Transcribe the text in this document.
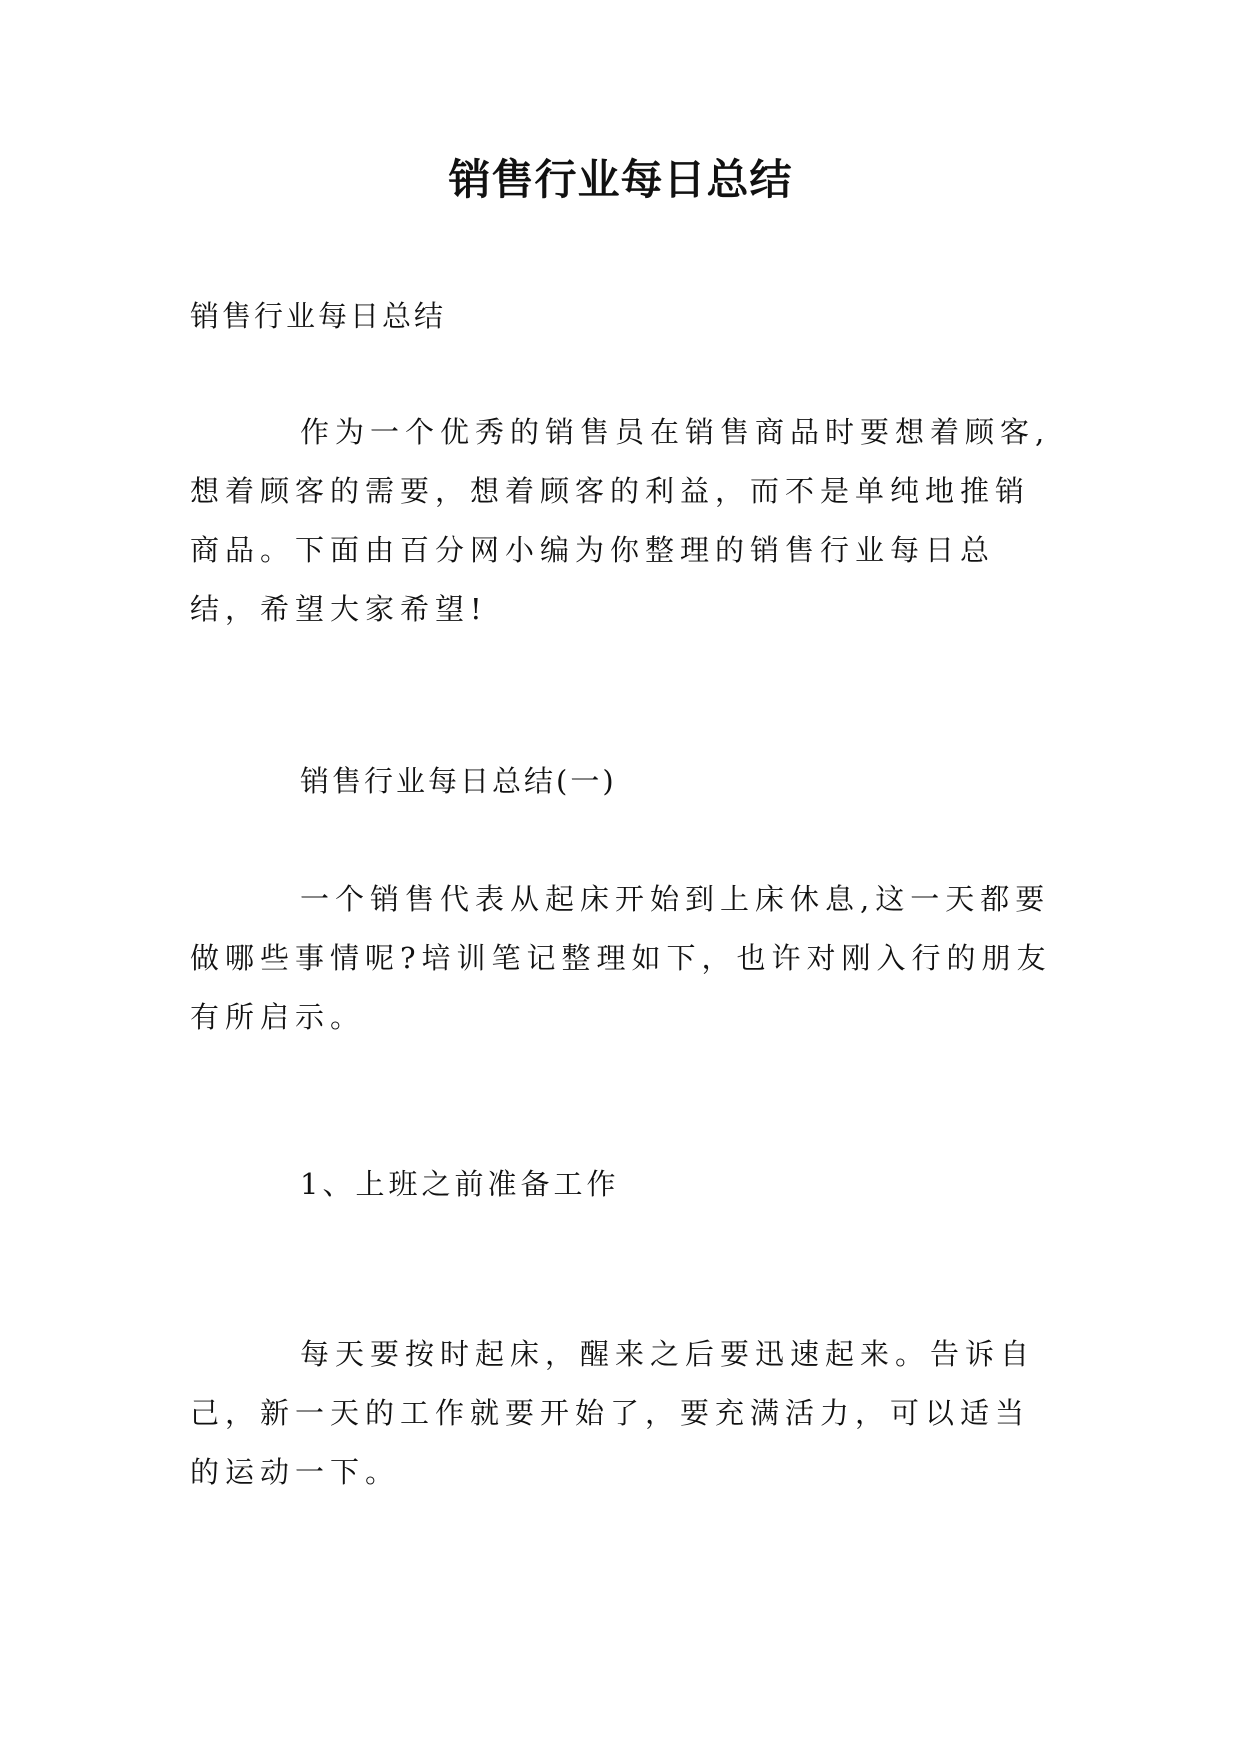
销售行业每日总结

销售行业每日总结

作为一个优秀的销售员在销售商品时要想着顾客,想着顾客的需要，想着顾客的利益，而不是单纯地推销商品。下面由百分网小编为你整理的销售行业每日总结，希望大家希望!

销售行业每日总结(一)

一个销售代表从起床开始到上床休息,这一天都要做哪些事情呢?培训笔记整理如下，也许对刚入行的朋友有所启示。

1、上班之前准备工作

每天要按时起床，醒来之后要迅速起来。告诉自己，新一天的工作就要开始了，要充满活力，可以适当的运动一下。
